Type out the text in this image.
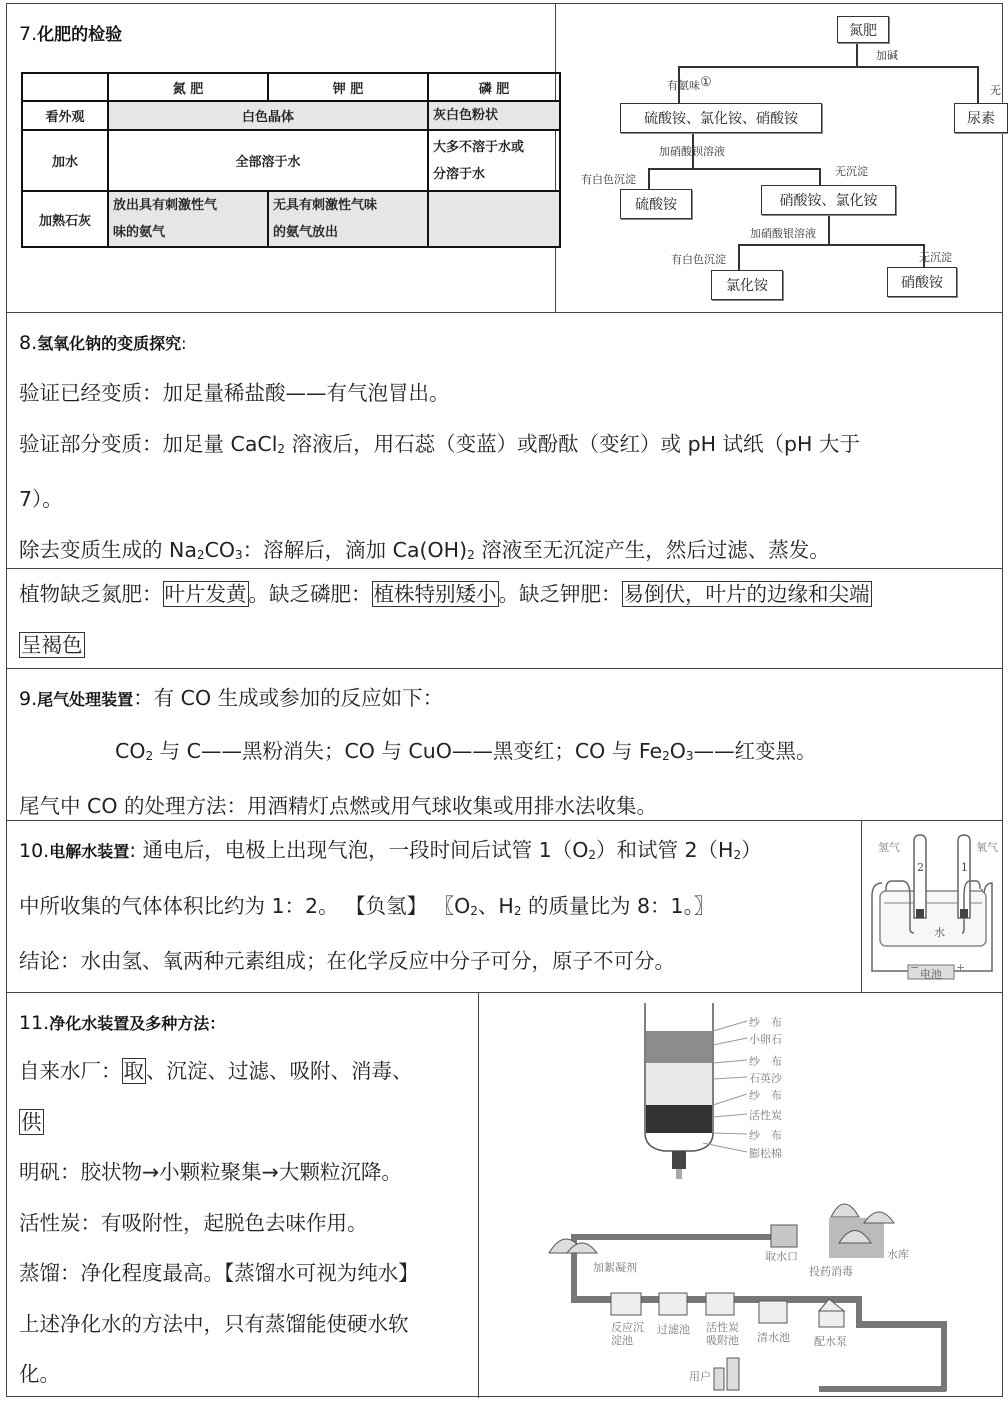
7.化肥的检验
	氮 肥	钾 肥	磷 肥
看外观	白色晶体		灰白色粉状
加水	全部溶于水		大多不溶于水或
分溶于水
加熟石灰	放出具有刺激性气
味的氨气	无具有刺激性气味
的氨气放出	
氮肥
硫酸铵、氯化铵、硝酸铵	尿素
硫酸铵	硝酸铵、氯化铵
氯化铵	硝酸铵
加碱
有氨味①
无
加硝酸钡溶液
有白色沉淀
无沉淀
加硝酸银溶液
有白色沉淀	无沉淀
8.氢氧化钠的变质探究:
验证已经变质：加足量稀盐酸——有气泡冒出。
验证部分变质：加足量 CaCl$_2$ 溶液后，用石蕊（变蓝）或酚酞（变红）或 pH 试纸（pH 大于
7）。
除去变质生成的 $Na_2CO_3$：溶解后，滴加 $Ca(OH)_2$ 溶液至无沉淀产生，然后过滤、蒸发。
植物缺乏氮肥：叶片发黄。缺乏磷肥：植株特别矮小。缺乏钾肥：易倒伏，叶片的边缘和尖端
呈褐色
9.尾气处理装置：有 CO 生成或参加的反应如下：
$CO_2$ 与 C——黑粉消失；CO 与 CuO——黑变红；CO 与 $Fe_2O_3——$红变黑。
尾气中 CO 的处理方法：用酒精灯点燃或用气球收集或用排水法收集。
10.电解水装置: 通电后，电极上出现气泡，一段时间后试管 $1(O_2)$和试管 $2(H_2)$
中所收集的气体体积比约为 1：2。 【负氢】 〖$O_2$、$H_2$ 的质量比为 8：1。〗
结论：水由氢、氧两种元素组成；在化学反应中分子可分，原子不可分。
氢气	氧气
2	1
水
电池
−	+
11.净化水装置及多种方法：
自来水厂：取、沉淀、过滤、吸附、消毒、
供
明矾：胶状物→小颗粒聚集→大颗粒沉降。
活性炭：有吸附性，起脱色去味作用。
蒸馏：净化程度最高。【蒸馏水可视为纯水】
上述净化水的方法中，只有蒸馏能使硬水软
化。
纱　布
小卵石
纱　布
石英沙
纱　布
活性炭
纱　布
膨松棉
加絮凝剂
取水口	水库
投药消毒
反应沉
淀池
过滤池 活性炭
吸附池 清水池 配水泵
用户
